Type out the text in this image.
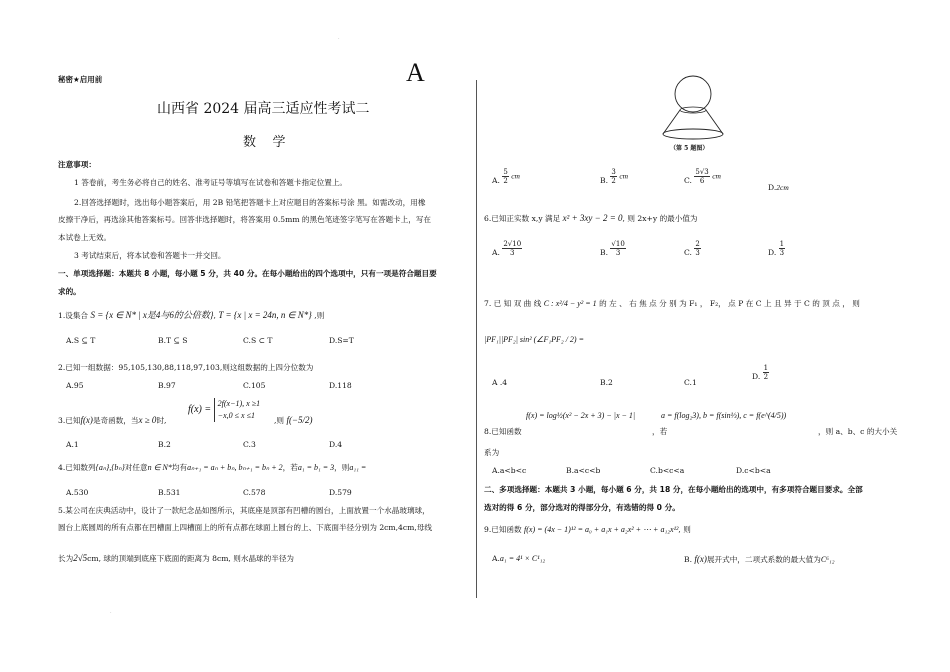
秘密★启用前	A
山西省 2024 届高三适应性考试二
数    学
注意事项：
1 答卷前，考生务必将自己的姓名、准考证号等填写在试卷和答题卡指定位置上。
2.回答选择题时，选出每小题答案后，用 2B 铅笔把答题卡上对应题目的答案标号涂 黑。如需改动，用橡
皮擦干净后，再选涂其他答案标号。回答非选择题时，将答案用 0.5mm 的黑色笔迹签字笔写在答题卡上，写在
本试卷上无效。
3 考试结束后，将本试卷和答题卡一并交回。
一、单项选择题：本题共 8 小题，每小题 5 分，共 40 分。在每小题给出的四个选项中，只有一项是符合题目要
求的。
1.设集合 S = {x ∈ N* | x是4与6的公倍数}, T = {x | x = 24n, n ∈ N*} ,则
A.S ⊆ T	B.T ⊆ S	C.S ⊂ T	D.S=T
2.已知一组数据：95,105,130,88,118,97,103,则这组数据的上四分位数为
A.95	B.97	C.105	D.118
3.已知f(x)是奇函数，当x ≥ 0时,
f(x) =
2f(x−1), x ≥1
−x,0 ≤ x ≤1
,则 f(−5/2)
A.1	B.2	C.3	D.4
4.已知数列{aₙ},{bₙ}对任意n ∈ N*均有aₙ₊₁ = aₙ + bₙ, bₙ₊₁ = bₙ + 2，若a₁ = b₁ = 3，则a₁₁ =
A.530	B.531	C.578	D.579
5.某公司在庆典活动中，设计了一款纪念品如图所示，其底座是顶部有凹槽的圆台，上面放置一个水晶玻璃球，
圆台上底圆周的所有点都在凹槽面上四槽面上的所有点都在球面上圆台的上、下底面半径分别为 2cm,4cm,母线
长为2√5cm, 球的顶端到底座下底面的距离为 8cm, 则水晶球的半径为
·
·
（第 5 题图）
A. $\frac{5}{2}$ cm	B. $\frac{3}{2}$ cm	C. $\frac{5√3}{6}$ cm
D.2cm
6.已知正实数 x,y 满足 x² + 3xy − 2 = 0, 则 2x+y 的最小值为
A. $\frac{2√10}{3}$	B. $\frac{√10}{3}$	C. $\frac{2}{3}$	D. $\frac{1}{3}$
7. 已 知 双 曲 线 C : x²/4 − y² = 1 的 左 、 右 焦 点 分 别 为 F₁ ， F₂， 点 P 在 C 上 且 异 于 C 的 顶 点 ， 则
|PF₁||PF₂| sin² (∠F₁PF₂ / 2) =
A .4	B.2	C.1
D. $\frac{1}{2}$
f(x) = log½(x² − 2x + 3) − |x − 1|	a = f(log₂3), b = f(sin⅓), c = f(e^(4/5))
8.已知函数	，若	，则 a、b、c 的大小关
系为
A.a<b<c	B.a<c<b	C.b<c<a	D.c<b<a
二、多项选择题：本题共 3 小题，每小题 6 分，共 18 分，在每小题给出的选项中，有多项符合题目要求。全部
选对的得 6 分，部分选对的得部分分，有选错的得 0 分。
9.已知函数 f(x) = (4x − 1)¹² = a₀ + a₁x + a₂x² + ⋯ + a₁₂x¹², 则
A.a₁ = 4¹ × C¹₁₂	B. f(x)展开式中，二项式系数的最大值为C⁶₁₂
